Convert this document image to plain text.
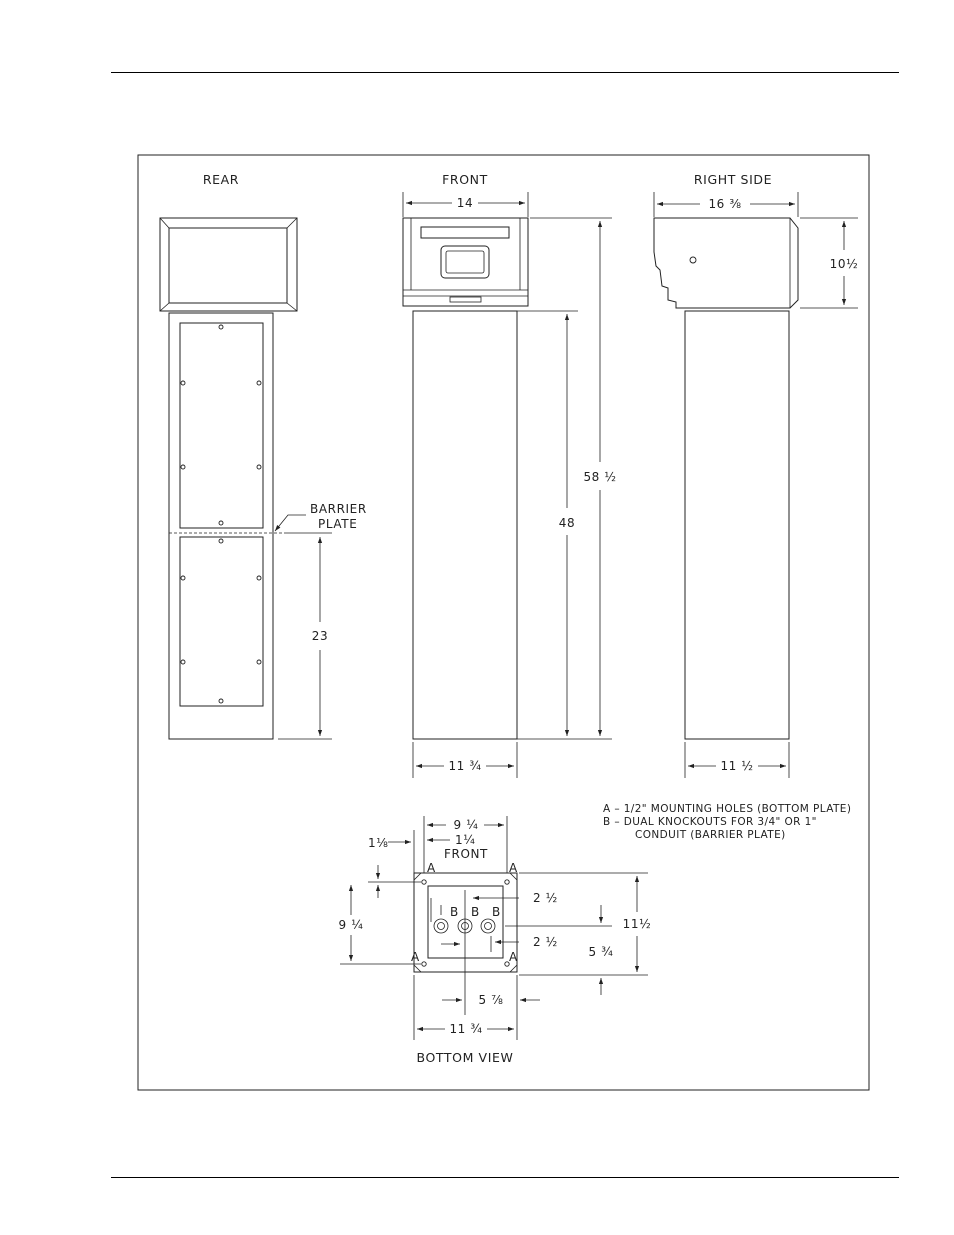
REAR
BARRIER
PLATE
23
FRONT
14
58 ½
48
11 ¾
RIGHT SIDE
16 ⅜
10½
11 ½
A – 1/2" MOUNTING HOLES (BOTTOM PLATE)
B – DUAL KNOCKOUTS FOR 3/4" OR 1"
CONDUIT (BARRIER PLATE)
A	A
A	A
B B B
FRONT
9 ¼
1¼
1⅛
9 ¼
2 ½
2 ½
11½
5 ¾
5 ⅞
11 ¾
BOTTOM VIEW
